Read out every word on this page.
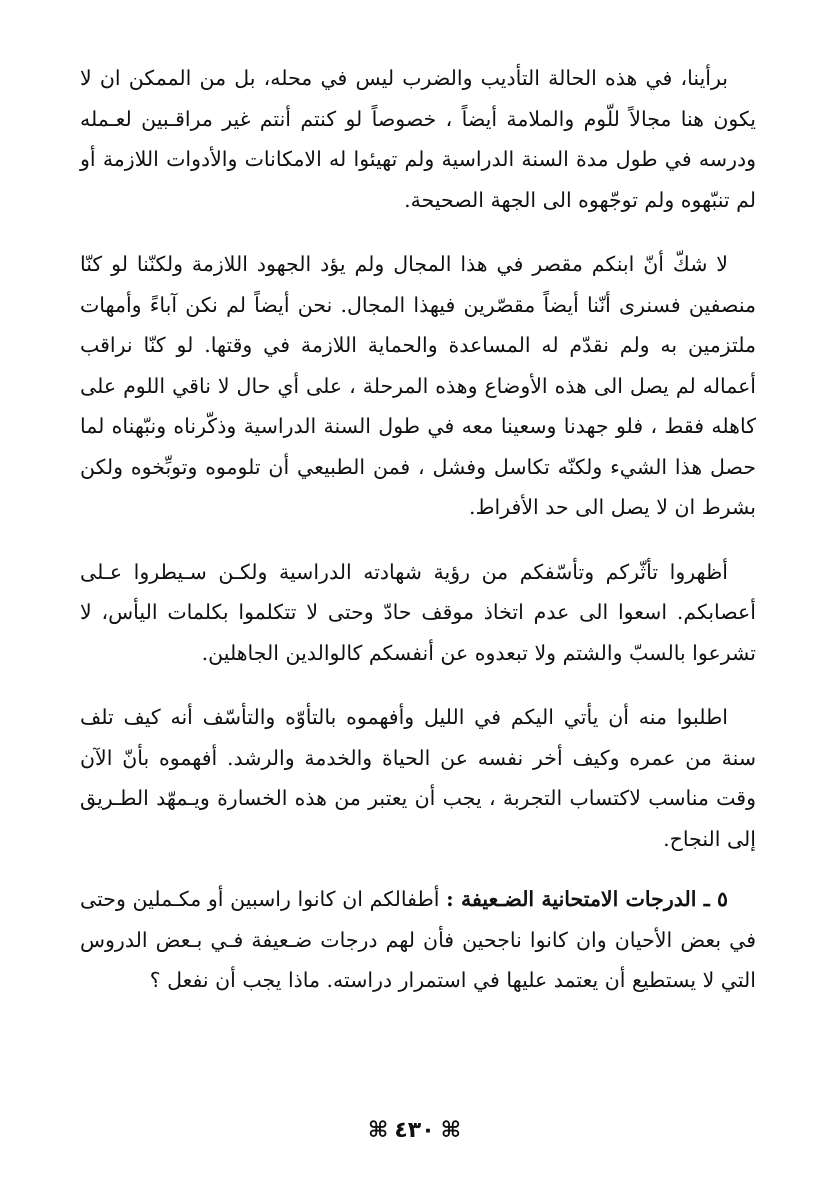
برأينا، في هذه الحالة التأديب والضرب ليس في محله، بل من الممكن ان لا يكون هنا مجالاً للّوم والملامة أيضاً ، خصوصاً لو كنتم أنتم غير مراقـبين لعـمله ودرسه في طول مدة السنة الدراسية ولم تهيئوا له الامكانات والأدوات اللازمة أو لم تنبّهوه ولم توجّهوه الى الجهة الصحيحة.

لا شكّ أنّ ابنكم مقصر في هذا المجال ولم يؤد الجهود اللازمة ولكنّنا لو كنّا منصفين فسنرى أنّنا أيضاً مقصّرين فيهذا المجال. نحن أيضاً لم نكن آباءً وأمهات ملتزمين به ولم نقدّم له المساعدة والحماية اللازمة في وقتها. لو كنّا نراقب أعماله لم يصل الى هذه الأوضاع وهذه المرحلة ، على أي حال لا ناقي اللوم على كاهله فقط ، فلو جهدنا وسعينا معه في طول السنة الدراسية وذكّرناه ونبّهناه لما حصل هذا الشيء ولكنّه تكاسل وفشل ، فمن الطبيعي أن تلوموه وتوبِّخوه ولكن بشرط ان لا يصل الى حد الأفراط.

أظهروا تأثّركم وتأسّفكم من رؤية شهادته الدراسية ولكـن سـيطروا عـلى أعصابكم. اسعوا الى عدم اتخاذ موقف حادّ وحتى لا تتكلموا بكلمات اليأس، لا تشرعوا بالسبّ والشتم ولا تبعدوه عن أنفسكم كالوالدين الجاهلين.

اطلبوا منه أن يأتي اليكم في الليل وأفهموه بالتأوّه والتأسّف أنه كيف تلف سنة من عمره وكيف أخر نفسه عن الحياة والخدمة والرشد. أفهموه بأنّ الآن وقت مناسب لاكتساب التجربة ، يجب أن يعتبر من هذه الخسارة ويـمهّد الطـريق إلى النجاح.

٥ ـ الدرجات الامتحانية الضـعيفة : أطفالكم ان كانوا راسبين أو مكـملين وحتى في بعض الأحيان وان كانوا ناجحين فأن لهم درجات ضـعيفة فـي بـعض الدروس التي لا يستطيع أن يعتمد عليها في استمرار دراسته. ماذا يجب أن نفعل ؟

⌘٤٣٠⌘
